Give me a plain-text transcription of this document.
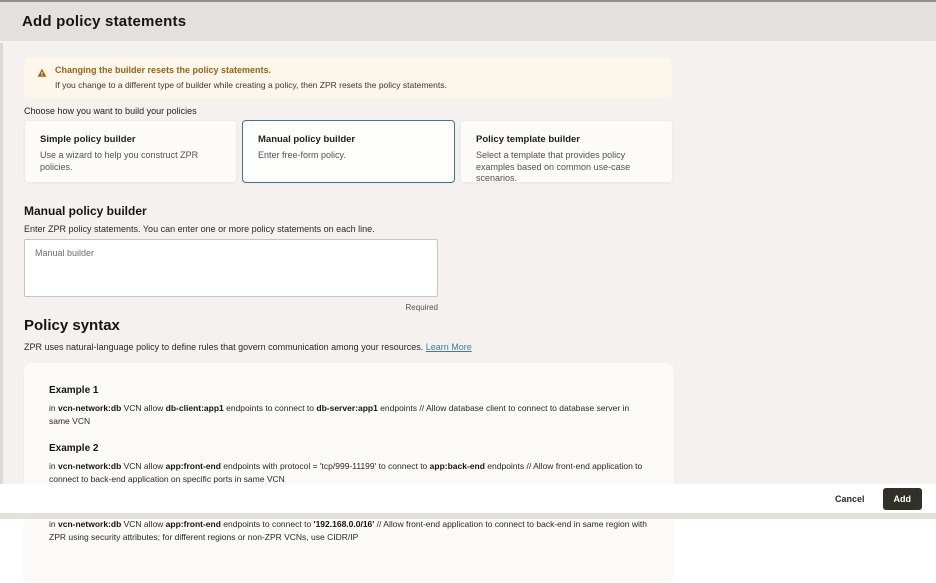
Add policy statements
Changing the builder resets the policy statements.
If you change to a different type of builder while creating a policy, then ZPR resets the policy statements.
Choose how you want to build your policies
Simple policy builder
Use a wizard to help you construct ZPR policies.
Manual policy builder
Enter free-form policy.
Policy template builder
Select a template that provides policy examples based on common use-case scenarios.
Manual policy builder
Enter ZPR policy statements. You can enter one or more policy statements on each line.
Manual builder
Required
Policy syntax
ZPR uses natural-language policy to define rules that govern communication among your resources. Learn More
Example 1
in vcn-network:db VCN allow db-client:app1 endpoints to connect to db-server:app1 endpoints // Allow database client to connect to database server in same VCN
Example 2
in vcn-network:db VCN allow app:front-end endpoints with protocol = 'tcp/999-11199' to connect to app:back-end endpoints // Allow front-end application to connect to back-end application on specific ports in same VCN
in vcn-network:db VCN allow app:front-end endpoints to connect to '192.168.0.0/16' // Allow front-end application to connect to back-end in same region with ZPR using security attributes; for different regions or non-ZPR VCNs, use CIDR/IP
Cancel	Add
